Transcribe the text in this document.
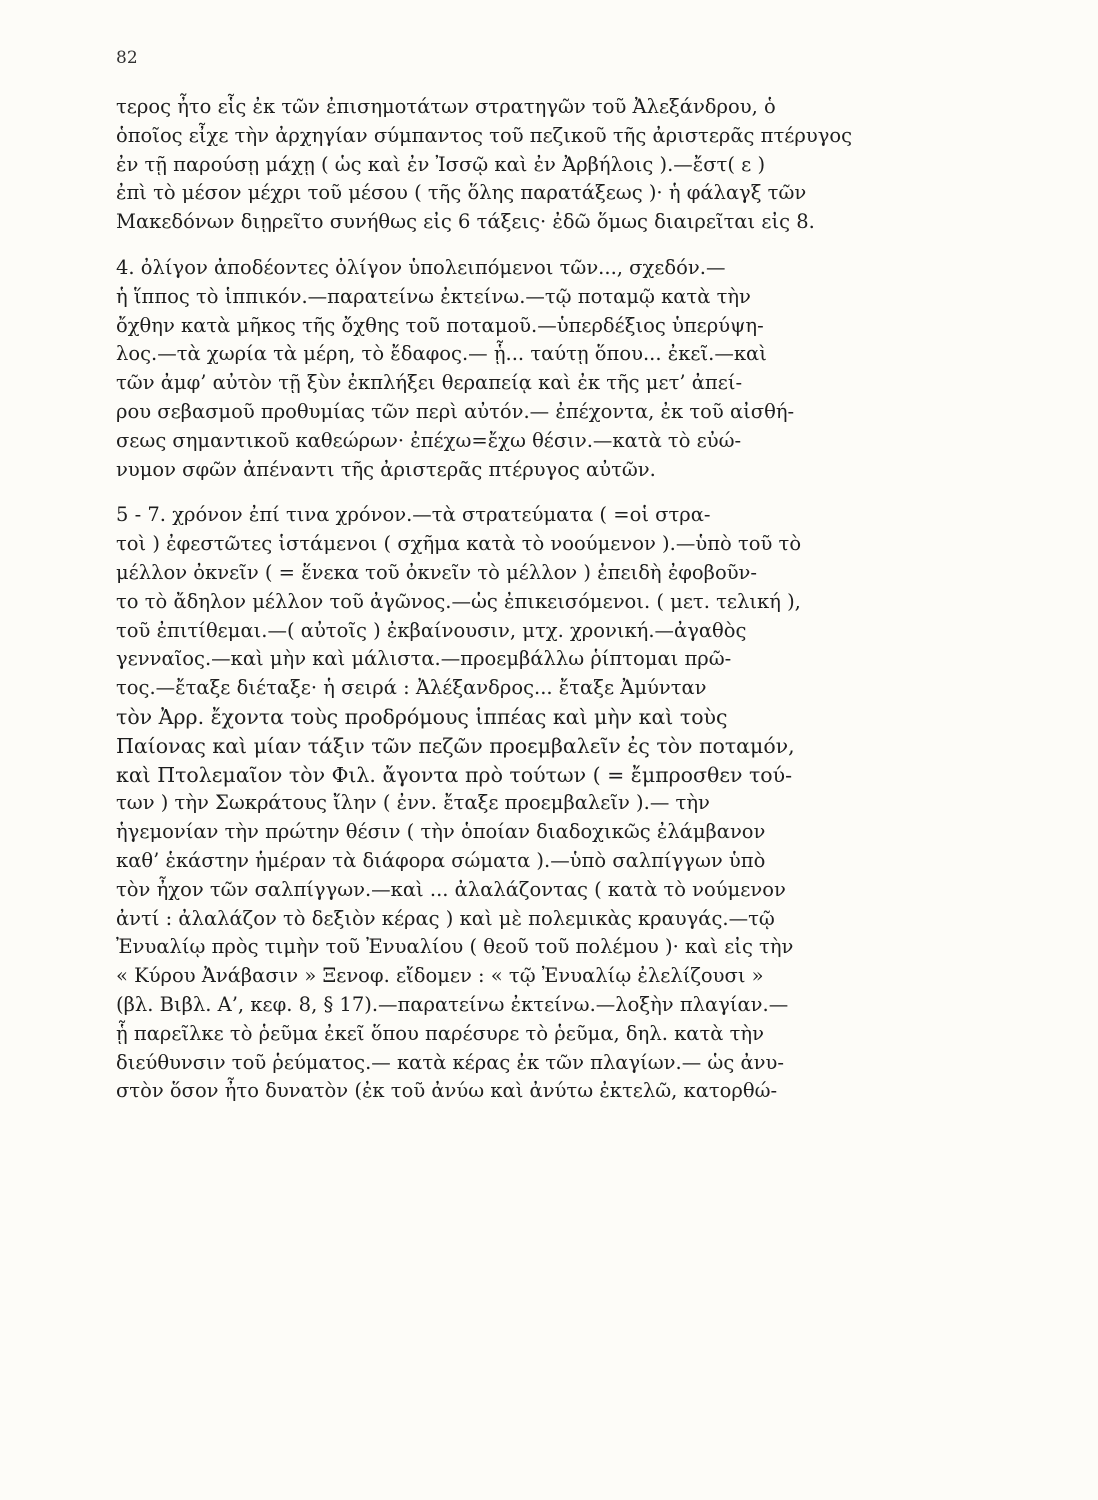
82
τερος ἦτο εἷς ἐκ τῶν ἐπισημοτάτων στρατηγῶν τοῦ Ἀλεξάνδρου, ὁ
ὁποῖος εἶχε τὴν ἀρχηγίαν σύμπαντος τοῦ πεζικοῦ τῆς ἀριστερᾶς πτέρυγος
ἐν τῇ παρούσῃ μάχῃ ( ὡς καὶ ἐν Ἰσσῷ καὶ ἐν Ἀρβήλοις ).—ἔστ( ε )
ἐπὶ τὸ μέσον μέχρι τοῦ μέσου ( τῆς ὅλης παρατάξεως )· ἡ φάλαγξ τῶν
Μακεδόνων διῃρεῖτο συνήθως εἰς 6 τάξεις· ἐδῶ ὅμως διαιρεῖται εἰς 8.
4. ὀλίγον ἀποδέοντες ὀλίγον ὑπολειπόμενοι τῶν..., σχεδόν.—
ἡ ἵππος τὸ ἱππικόν.—παρατείνω ἐκτείνω.—τῷ ποταμῷ κατὰ τὴν
ὄχθην κατὰ μῆκος τῆς ὄχθης τοῦ ποταμοῦ.—ὑπερδέξιος ὑπερύψη-
λος.—τὰ χωρία τὰ μέρη, τὸ ἔδαφος.— ᾗ... ταύτῃ ὅπου... ἐκεῖ.—καὶ
τῶν ἀμφ’ αὐτὸν τῇ ξὺν ἐκπλήξει θεραπείᾳ καὶ ἐκ τῆς μετ’ ἀπεί-
ρου σεβασμοῦ προθυμίας τῶν περὶ αὐτόν.— ἐπέχοντα, ἐκ τοῦ αἰσθή-
σεως σημαντικοῦ καθεώρων· ἐπέχω=ἔχω θέσιν.—κατὰ τὸ εὐώ-
νυμον σφῶν ἀπέναντι τῆς ἀριστερᾶς πτέρυγος αὐτῶν.
5 - 7. χρόνον ἐπί τινα χρόνον.—τὰ στρατεύματα ( =οἱ στρα-
τοὶ ) ἐφεστῶτες ἱστάμενοι ( σχῆμα κατὰ τὸ νοούμενον ).—ὑπὸ τοῦ τὸ
μέλλον ὀκνεῖν ( = ἕνεκα τοῦ ὀκνεῖν τὸ μέλλον ) ἐπειδὴ ἐφοβοῦν-
το τὸ ἄδηλον μέλλον τοῦ ἀγῶνος.—ὡς ἐπικεισόμενοι. ( μετ. τελική ),
τοῦ ἐπιτίθεμαι.—( αὐτοῖς ) ἐκβαίνουσιν, μτχ. χρονική.—ἀγαθὸς
γενναῖος.—καὶ μὴν καὶ μάλιστα.—προεμβάλλω ῥίπτομαι πρῶ-
τος.—ἔταξε διέταξε· ἡ σειρά : Ἀλέξανδρος... ἔταξε Ἀμύνταν
τὸν Ἀρρ. ἔχοντα τοὺς προδρόμους ἱππέας καὶ μὴν καὶ τοὺς
Παίονας καὶ μίαν τάξιν τῶν πεζῶν προεμβαλεῖν ἐς τὸν ποταμόν,
καὶ Πτολεμαῖον τὸν Φιλ. ἄγοντα πρὸ τούτων ( = ἔμπροσθεν τού-
των ) τὴν Σωκράτους ἴλην ( ἐνν. ἔταξε προεμβαλεῖν ).— τὴν
ἡγεμονίαν τὴν πρώτην θέσιν ( τὴν ὁποίαν διαδοχικῶς ἐλάμβανον
καθ’ ἑκάστην ἡμέραν τὰ διάφορα σώματα ).—ὑπὸ σαλπίγγων ὑπὸ
τὸν ἦχον τῶν σαλπίγγων.—καὶ ... ἀλαλάζοντας ( κατὰ τὸ νούμενον
ἀντί : ἀλαλάζον τὸ δεξιὸν κέρας ) καὶ μὲ πολεμικὰς κραυγάς.—τῷ
Ἐνυαλίῳ πρὸς τιμὴν τοῦ Ἐνυαλίου ( θεοῦ τοῦ πολέμου )· καὶ εἰς τὴν
« Κύρου Ἀνάβασιν » Ξενοφ. εἴδομεν : « τῷ Ἐνυαλίῳ ἐλελίζουσι »
(βλ. Βιβλ. Α’, κεφ. 8, § 17).—παρατείνω ἐκτείνω.—λοξὴν πλαγίαν.—
ᾗ παρεῖλκε τὸ ῥεῦμα ἐκεῖ ὅπου παρέσυρε τὸ ῥεῦμα, δηλ. κατὰ τὴν
διεύθυνσιν τοῦ ῥεύματος.— κατὰ κέρας ἐκ τῶν πλαγίων.— ὡς ἀνυ-
στὸν ὅσον ἦτο δυνατὸν (ἐκ τοῦ ἀνύω καὶ ἀνύτω ἐκτελῶ, κατορθώ-
